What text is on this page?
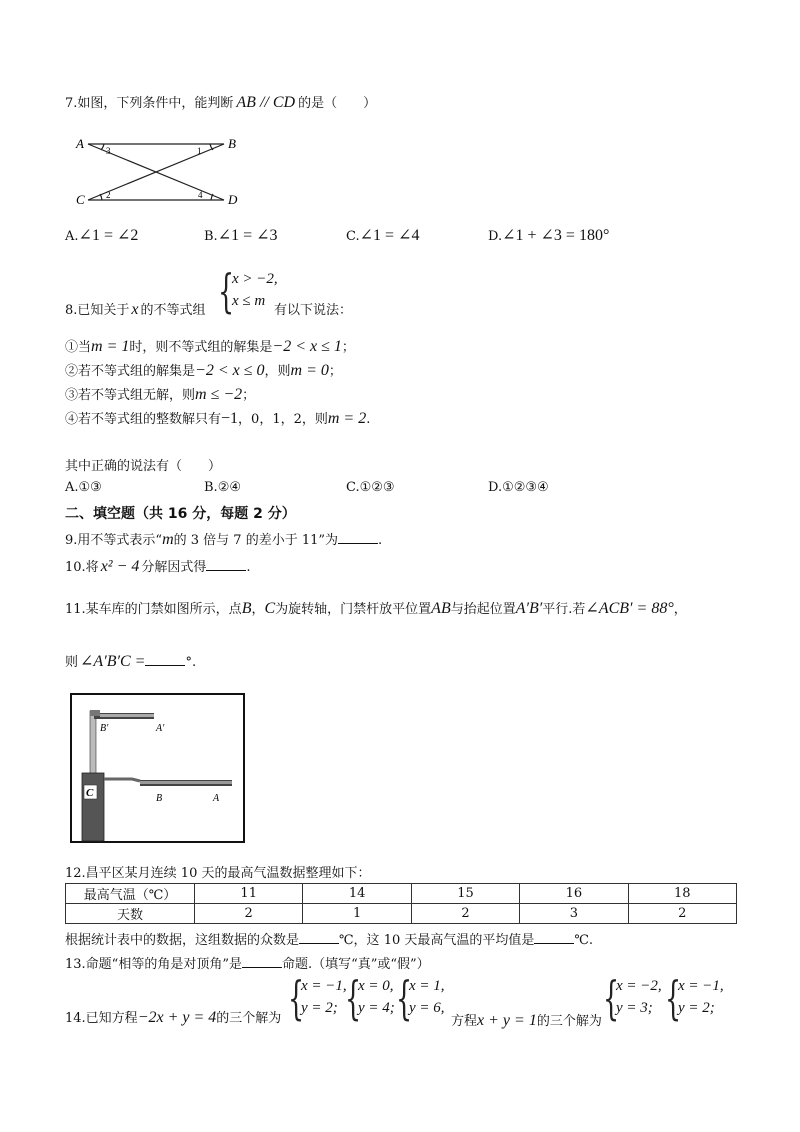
7.如图，下列条件中，能判断 AB // CD 的是（　　）
A	B
C	D
3	1
2	4
A.∠1 = ∠2	B.∠1 = ∠3	C.∠1 = ∠4	D.∠1 + ∠3 = 180°
8.已知关于 x 的不等式组 {
x > −2,
x ≤ m
有以下说法：
①当m = 1时，则不等式组的解集是−2 < x ≤ 1；
②若不等式组的解集是−2 < x ≤ 0，则m = 0；
③若不等式组无解，则m ≤ −2；
④若不等式组的整数解只有−1，0，1，2，则m = 2.
其中正确的说法有（　　）
A.①③	B.②④	C.①②③	D.①②③④
二、填空题（共 16 分，每题 2 分）
9.用不等式表示“m的 3 倍与 7 的差小于 11”为	.
10.将 x² − 4 分解因式得	.
11.某车库的门禁如图所示，点B，C为旋转轴，门禁杆放平位置AB与抬起位置A′B′平行.若∠ACB′ = 88°，
则 ∠A′B′C =	°.
B′	A′
C	B	A
12.昌平区某月连续 10 天的最高气温数据整理如下：
最高气温（℃）	11	14	15	16	18
天数	2	1	2	3	2
根据统计表中的数据，这组数据的众数是	℃，这 10 天最高气温的平均值是	℃.
13.命题“相等的角是对顶角”是	命题.（填写“真”或“假”）
14.已知方程−2x + y = 4的三个解为 {
x = −1,
y = 2; {
x = 0,
y = 4; {
x = 1,
y = 6,
方程x + y = 1的三个解为 {
x = −2,
y = 3; {
x = −1,
y = 2;
